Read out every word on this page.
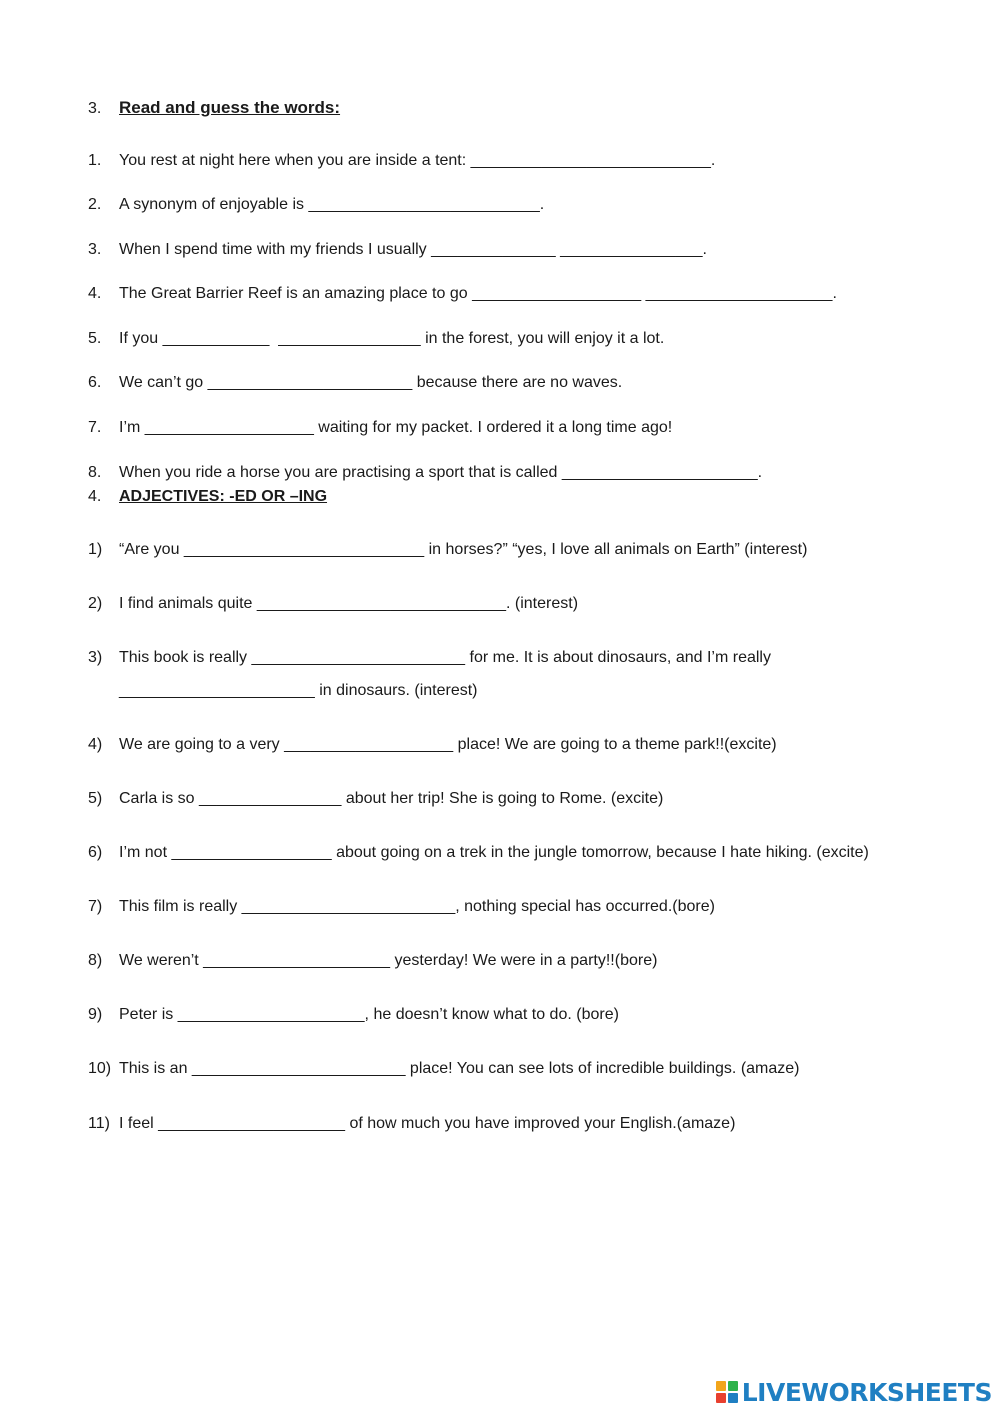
3. Read and guess the words:
1. You rest at night here when you are inside a tent: ___________________________.
2. A synonym of enjoyable is __________________________.
3. When I spend time with my friends I usually ______________ ________________.
4. The Great Barrier Reef is an amazing place to go ___________________ _____________________.
5. If you ____________  ________________ in the forest, you will enjoy it a lot.
6. We can’t go _______________________ because there are no waves.
7. I’m ___________________ waiting for my packet. I ordered it a long time ago!
8. When you ride a horse you are practising a sport that is called ______________________.
4. ADJECTIVES: -ED OR –ING
1) “Are you ___________________________ in horses?” “yes, I love all animals on Earth” (interest)
2) I find animals quite ____________________________. (interest)
3) This book is really ________________________ for me. It is about dinosaurs, and I’m really
______________________ in dinosaurs. (interest)
4) We are going to a very ___________________ place! We are going to a theme park!!(excite)
5) Carla is so ________________ about her trip! She is going to Rome. (excite)
6) I’m not __________________ about going on a trek in the jungle tomorrow, because I hate hiking. (excite)
7) This film is really ________________________, nothing special has occurred.(bore)
8) We weren’t _____________________ yesterday! We were in a party!!(bore)
9) Peter is _____________________, he doesn’t know what to do. (bore)
10) This is an ________________________ place! You can see lots of incredible buildings. (amaze)
11) I feel _____________________ of how much you have improved your English.(amaze)
LIVEWORKSHEETS
